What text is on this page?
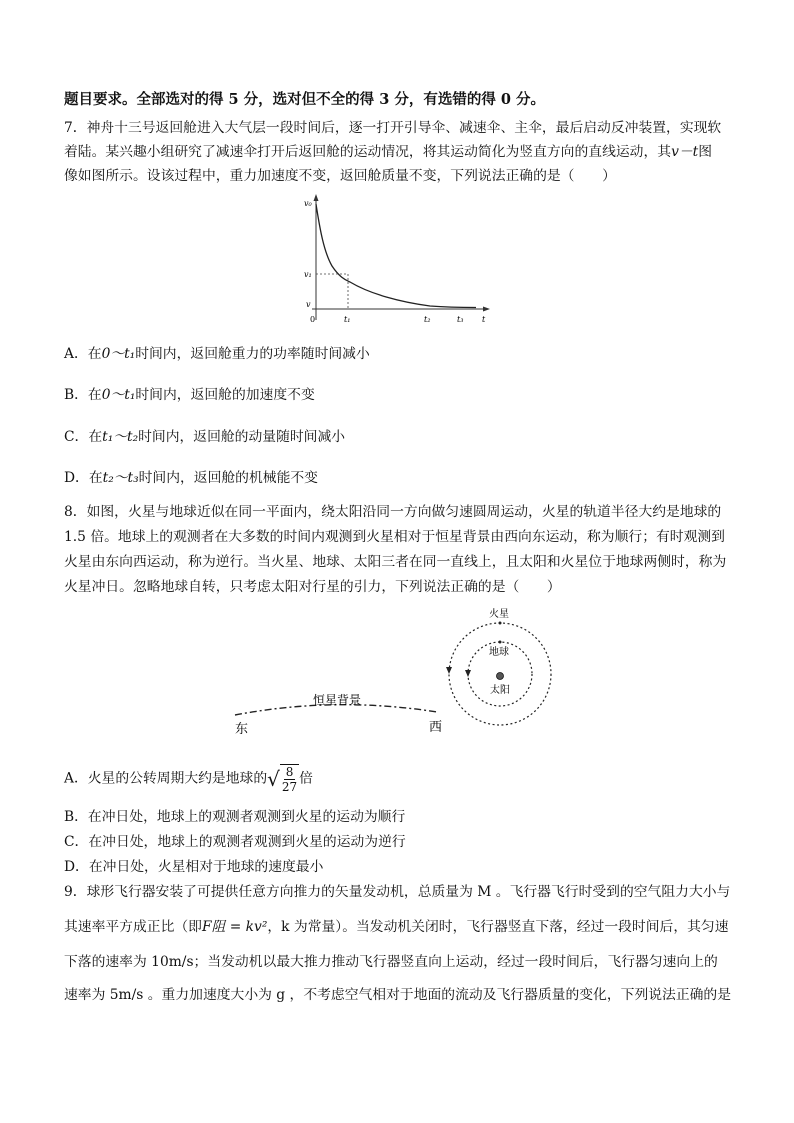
题目要求。全部选对的得 5 分，选对但不全的得 3 分，有选错的得 0 分。
7．神舟十三号返回舱进入大气层一段时间后，逐一打开引导伞、减速伞、主伞，最后启动反冲装置，实现软
着陆。某兴趣小组研究了减速伞打开后返回舱的运动情况，将其运动简化为竖直方向的直线运动，其v－t图
像如图所示。设该过程中，重力加速度不变，返回舱质量不变，下列说法正确的是（　　）
v₀
v₁
v
0	t₁	t₂	t₃ t
A．在0～t₁时间内，返回舱重力的功率随时间减小
B．在0～t₁时间内，返回舱的加速度不变
C．在t₁～t₂时间内，返回舱的动量随时间减小
D．在t₂～t₃时间内，返回舱的机械能不变
8．如图，火星与地球近似在同一平面内，绕太阳沿同一方向做匀速圆周运动，火星的轨道半径大约是地球的
1.5 倍。地球上的观测者在大多数的时间内观测到火星相对于恒星背景由西向东运动，称为顺行；有时观测到
火星由东向西运动，称为逆行。当火星、地球、太阳三者在同一直线上，且太阳和火星位于地球两侧时，称为
火星冲日。忽略地球自转，只考虑太阳对行星的引力，下列说法正确的是（　　）
恒星背景
东	西
太阳
地球
火星
A．火星的公转周期大约是地球的 √ $\frac{8}{27}$ 倍
B．在冲日处，地球上的观测者观测到火星的运动为顺行
C．在冲日处，地球上的观测者观测到火星的运动为逆行
D．在冲日处，火星相对于地球的速度最小
9．球形飞行器安装了可提供任意方向推力的矢量发动机，总质量为 M 。飞行器飞行时受到的空气阻力大小与
其速率平方成正比（即F阻 = kv²，k 为常量）。当发动机关闭时，飞行器竖直下落，经过一段时间后，其匀速
下落的速率为 10m/s；当发动机以最大推力推动飞行器竖直向上运动，经过一段时间后，飞行器匀速向上的
速率为 5m/s 。重力加速度大小为 g ，不考虑空气相对于地面的流动及飞行器质量的变化，下列说法正确的是
